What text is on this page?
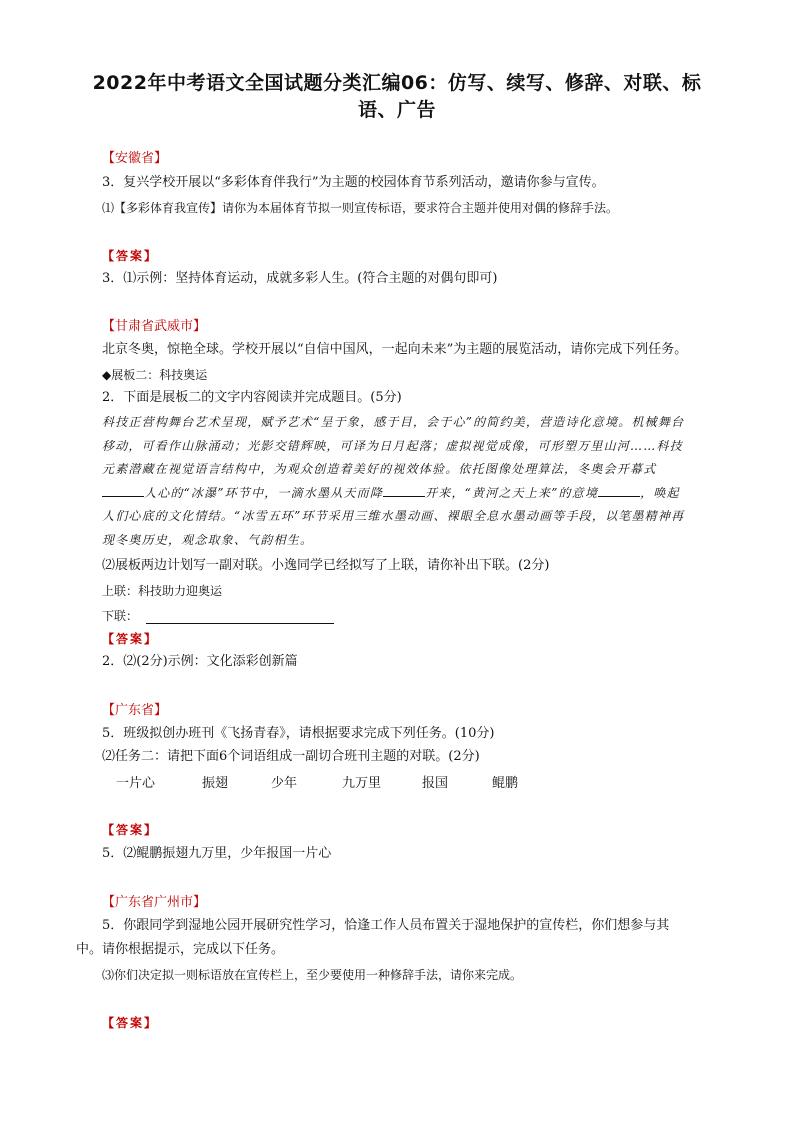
2022年中考语文全国试题分类汇编06：仿写、续写、修辞、对联、标
语、广告
【安徽省】
3．复兴学校开展以“多彩体育伴我行”为主题的校园体育节系列活动，邀请你参与宣传。
⑴【多彩体育我宣传】请你为本届体育节拟一则宣传标语，要求符合主题并使用对偶的修辞手法。
【答案】
3．⑴示例：坚持体育运动，成就多彩人生。(符合主题的对偶句即可)
【甘肃省武威市】
北京冬奥，惊艳全球。学校开展以“自信中国风，一起向未来”为主题的展览活动，请你完成下列任务。
◆展板二：科技奥运
2．下面是展板二的文字内容阅读并完成题目。(5分)
科技正营构舞台艺术呈现，赋予艺术“呈于象，感于目，会于心”的简约美，营造诗化意境。机械舞台移动，可看作山脉涌动；光影交错辉映，可译为日月起落；虚拟视觉成像，可形塑万里山河……科技元素潜藏在视觉语言结构中，为观众创造着美好的视效体验。依托图像处理算法，冬奥会开幕式人心的“冰瀑”环节中，一滴水墨从天而降	开来，“黄河之天上来”的意境	，唤起人们心底的文化情结。“冰雪五环”环节采用三维水墨动画、裸眼全息水墨动画等手段，以笔墨精神再现冬奥历史，观念取象、气韵相生。
⑵展板两边计划写一副对联。小逸同学已经拟写了上联，请你补出下联。(2分)
上联：科技助力迎奥运
下联：
【答案】
2．⑵(2分)示例：文化添彩创新篇
【广东省】
5．班级拟创办班刊《飞扬青春》，请根据要求完成下列任务。(10分)
⑵任务二：请把下面6个词语组成一副切合班刊主题的对联。(2分)
一片心	振翅	少年	九万里	报国	鲲鹏
【答案】
5．⑵鲲鹏振翅九万里，少年报国一片心
【广东省广州市】
5．你跟同学到湿地公园开展研究性学习，恰逢工作人员布置关于湿地保护的宣传栏，你们想参与其
中。请你根据提示，完成以下任务。
⑶你们决定拟一则标语放在宣传栏上，至少要使用一种修辞手法，请你来完成。
【答案】
